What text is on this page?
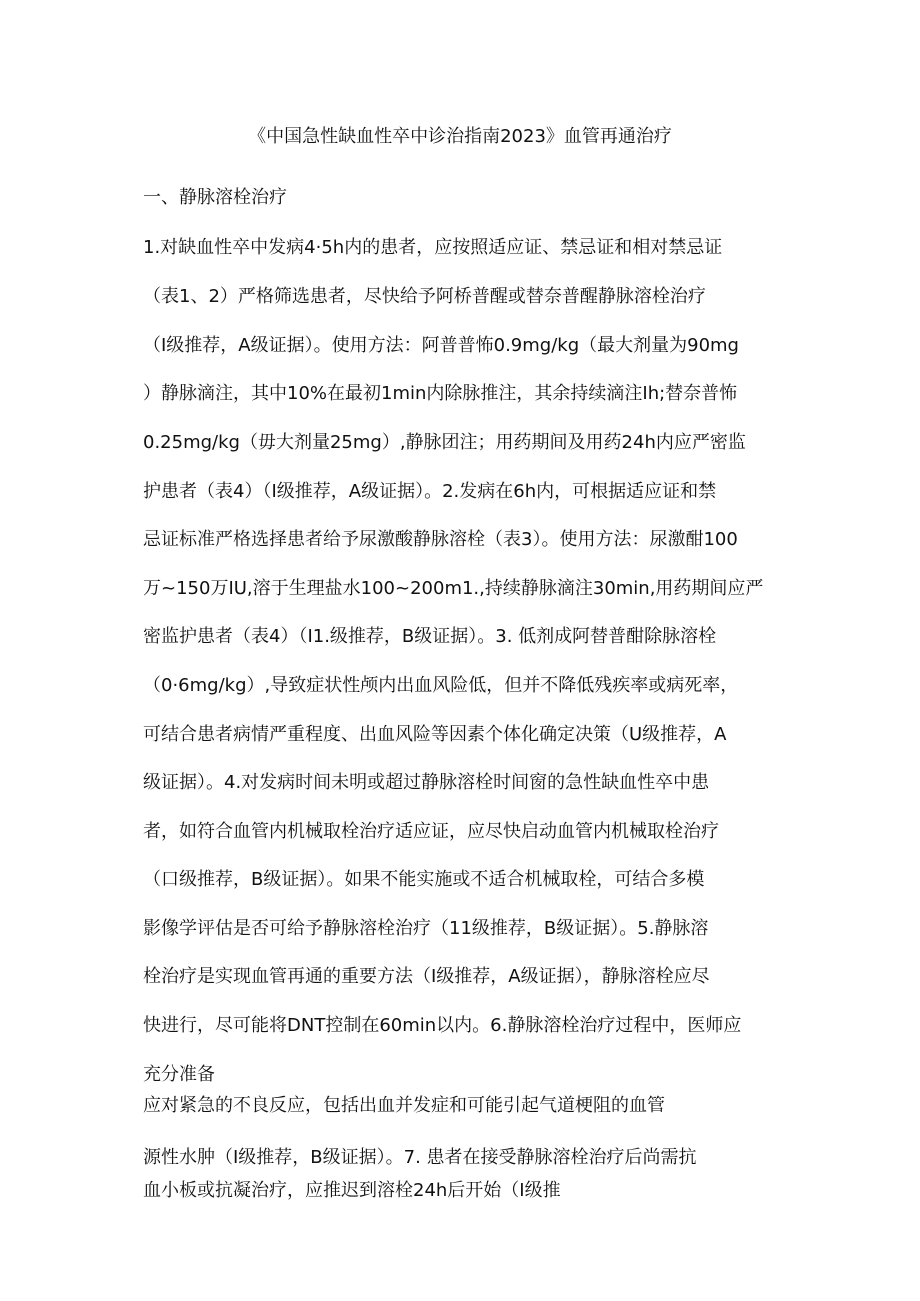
《中国急性缺血性卒中诊治指南2023》血管再通治疗
一、静脉溶栓治疗
1.对缺血性卒中发病4·5h内的患者，应按照适应证、禁忌证和相对禁忌证
（表1、2）严格筛选患者，尽快给予阿桥普醒或替奈普醒静脉溶栓治疗
（I级推荐，A级证据）。使用方法：阿普普怖0.9mg/kg（最大剂量为90mg
）静脉滴注，其中10%在最初1min内除脉推注，其余持续滴注Ih;替奈普怖
0.25mg/kg（毋大剂量25mg）,静脉团注；用药期间及用药24h内应严密监
护患者（表4）（I级推荐，A级证据）。2.发病在6h内，可根据适应证和禁
忌证标准严格选择患者给予尿激酸静脉溶栓（表3）。使用方法：尿激酣100
万~150万IU,溶于生理盐水100~200m1.,持续静脉滴注30min,用药期间应严
密监护患者（表4）（I1.级推荐，B级证据）。3. 低剂成阿替普酣除脉溶栓
（0·6mg/kg）,导致症状性颅内出血风险低，但并不降低残疾率或病死率，
可结合患者病情严重程度、出血风险等因素个体化确定决策（U级推荐，A
级证据）。4.对发病时间未明或超过静脉溶栓时间窗的急性缺血性卒中患
者，如符合血管内机械取栓治疗适应证，应尽快启动血管内机械取栓治疗
（口级推荐，B级证据）。如果不能实施或不适合机械取栓，可结合多模
影像学评估是否可给予静脉溶栓治疗（11级推荐，B级证据）。5.静脉溶
栓治疗是实现血管再通的重要方法（I级推荐，A级证据），静脉溶栓应尽
快进行，尽可能将DNT控制在60min以内。6.静脉溶栓治疗过程中，医师应
充分准备
应对紧急的不良反应，包括出血并发症和可能引起气道梗阻的血管
源性水肿（I级推荐，B级证据）。7. 患者在接受静脉溶栓治疗后尚需抗
血小板或抗凝治疗，应推迟到溶栓24h后开始（I级推
